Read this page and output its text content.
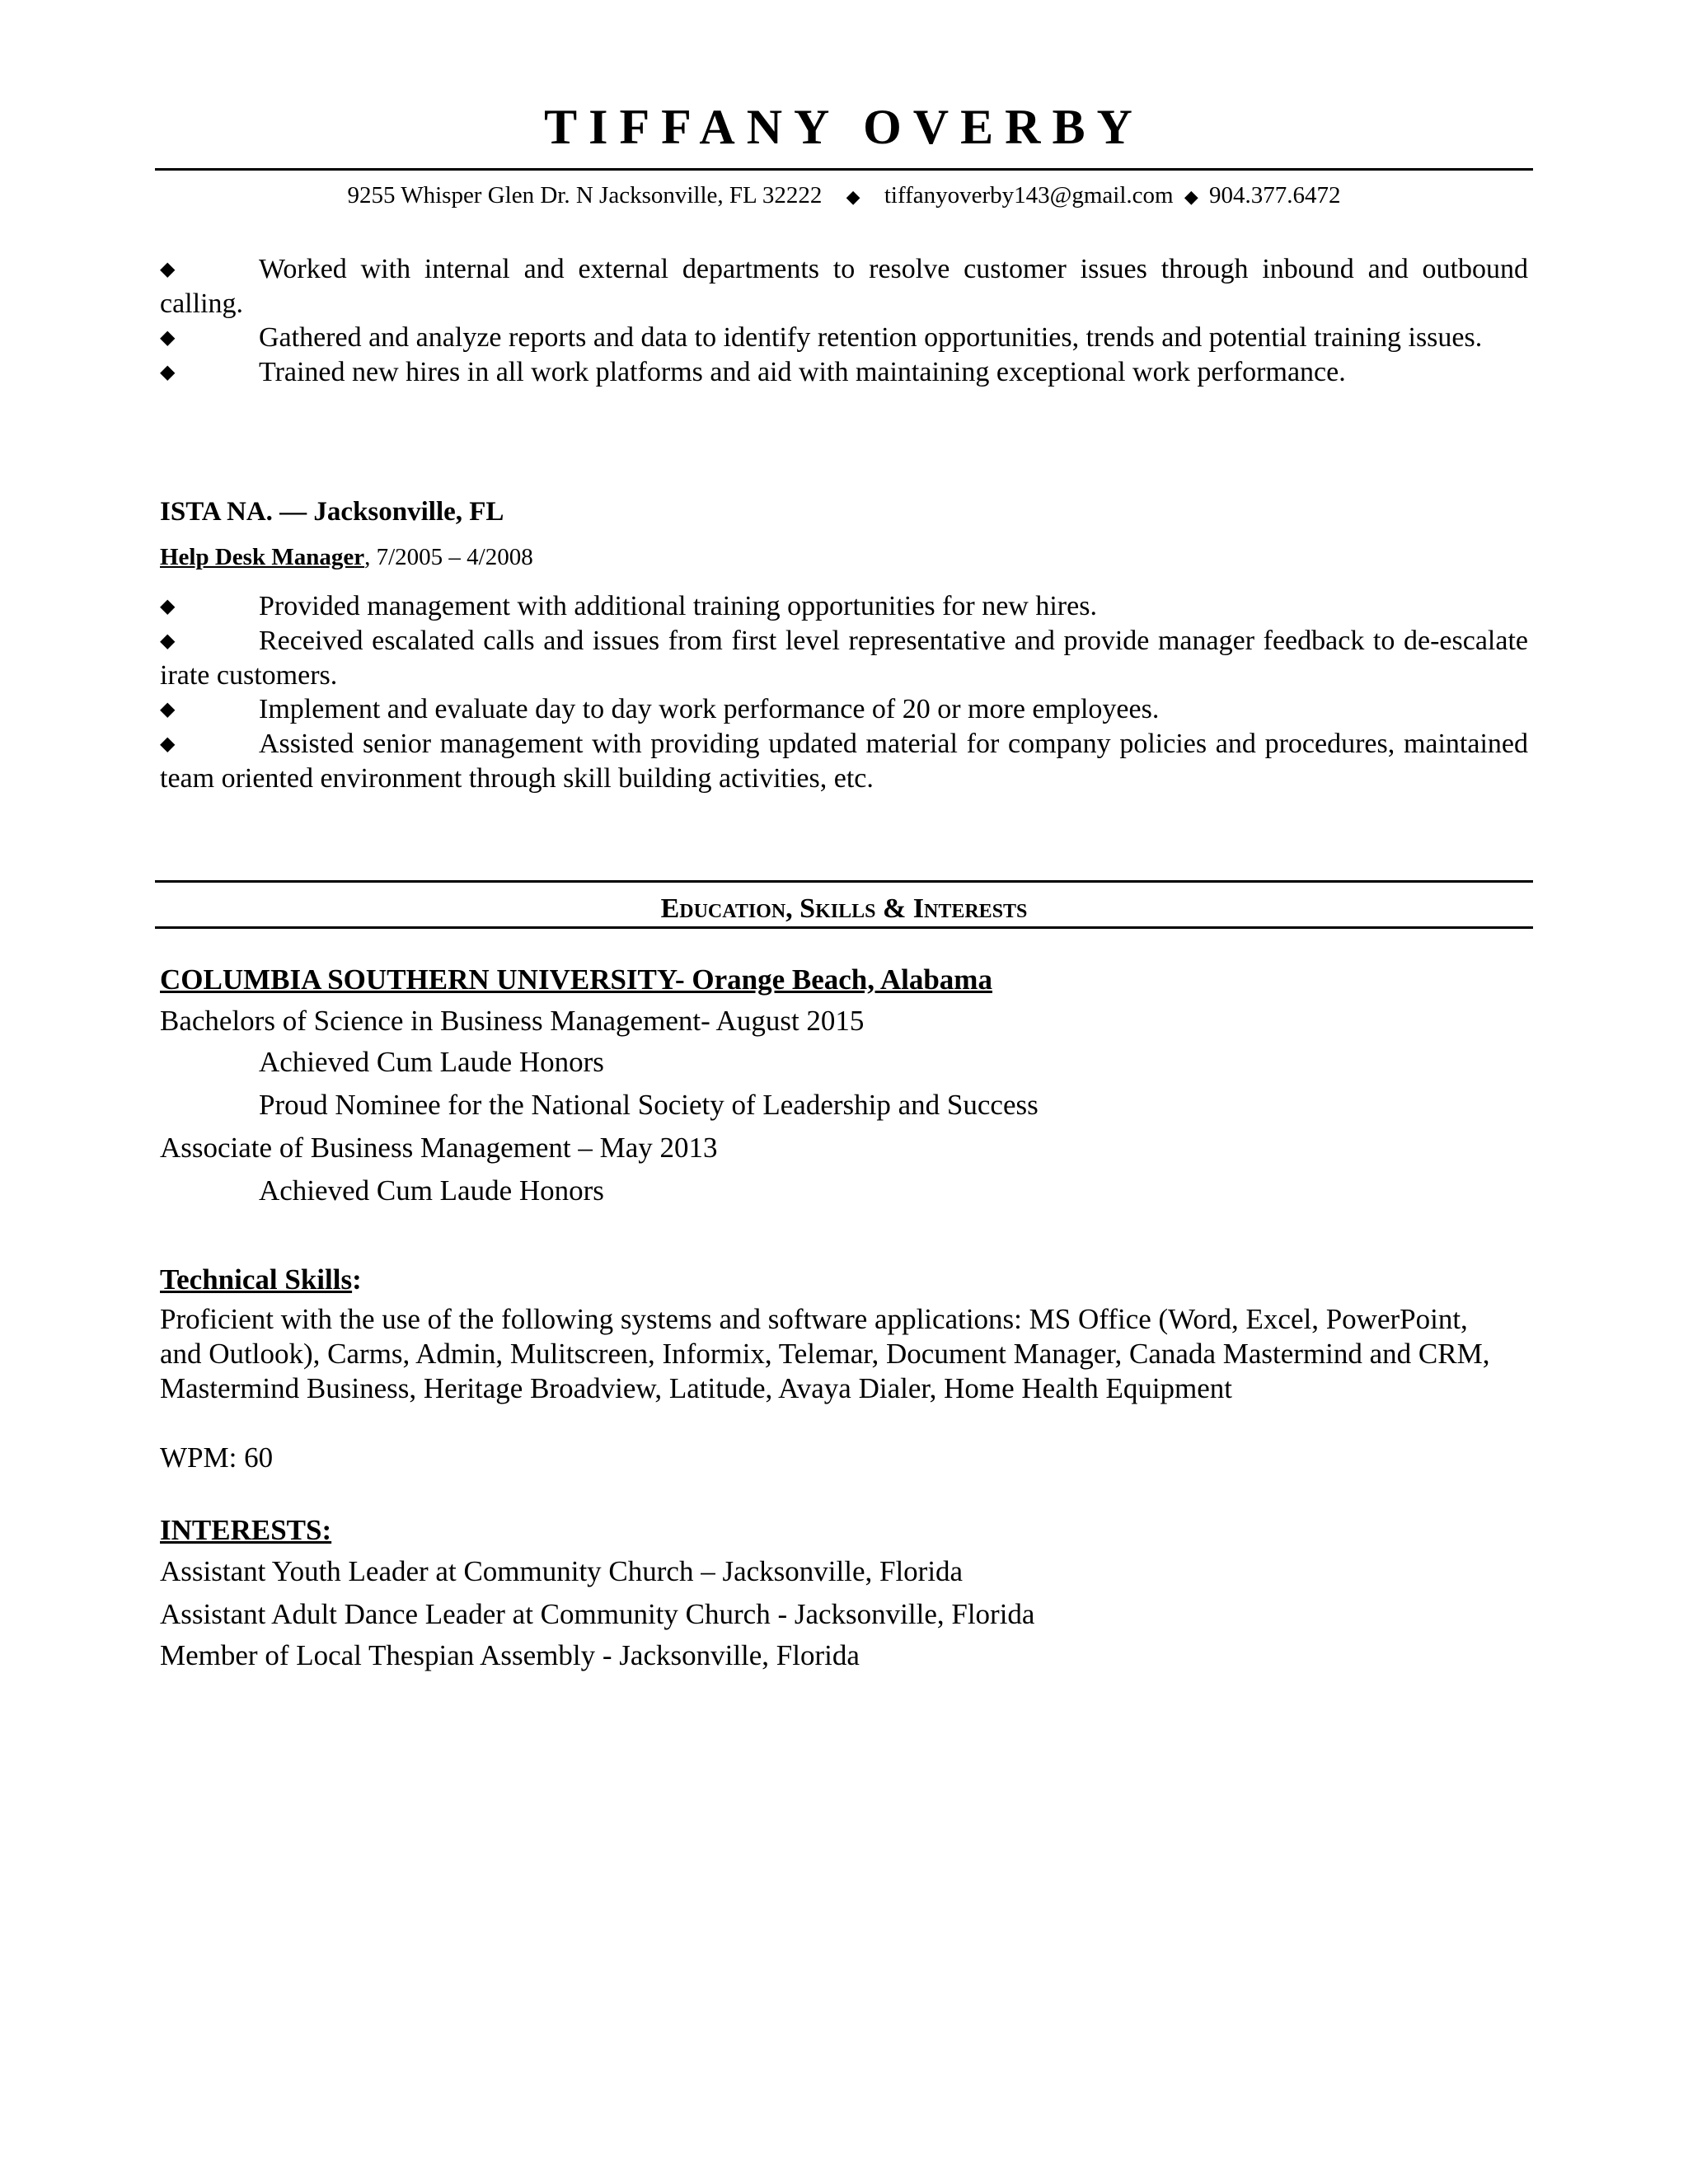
TIFFANY OVERBY
9255 Whisper Glen Dr. N Jacksonville, FL 32222 ◆ tiffanyoverby143@gmail.com ◆ 904.377.6472

◆	Worked with internal and external departments to resolve customer issues through inbound and outbound calling.

◆	Gathered and analyze reports and data to identify retention opportunities, trends and potential training issues.

◆	Trained new hires in all work platforms and aid with maintaining exceptional work performance.

ISTA NA. — Jacksonville, FL
Help Desk Manager, 7/2005 – 4/2008

◆	Provided management with additional training opportunities for new hires.

◆	Received escalated calls and issues from first level representative and provide manager feedback to de-escalate irate customers.

◆	Implement and evaluate day to day work performance of 20 or more employees.

◆	Assisted senior management with providing updated material for company policies and procedures, maintained team oriented environment through skill building activities, etc.

Education, Skills & Interests
COLUMBIA SOUTHERN UNIVERSITY- Orange Beach, Alabama
Bachelors of Science in Business Management- August 2015
Achieved Cum Laude Honors
Proud Nominee for the National Society of Leadership and Success
Associate of Business Management – May 2013
Achieved Cum Laude Honors
Technical Skills:
Proficient with the use of the following systems and software applications: MS Office (Word, Excel, PowerPoint, and Outlook), Carms, Admin, Mulitscreen, Informix, Telemar, Document Manager, Canada Mastermind and CRM, Mastermind Business, Heritage Broadview, Latitude, Avaya Dialer, Home Health Equipment
WPM: 60
INTERESTS:
Assistant Youth Leader at Community Church – Jacksonville, Florida
Assistant Adult Dance Leader at Community Church - Jacksonville, Florida
Member of Local Thespian Assembly - Jacksonville, Florida
